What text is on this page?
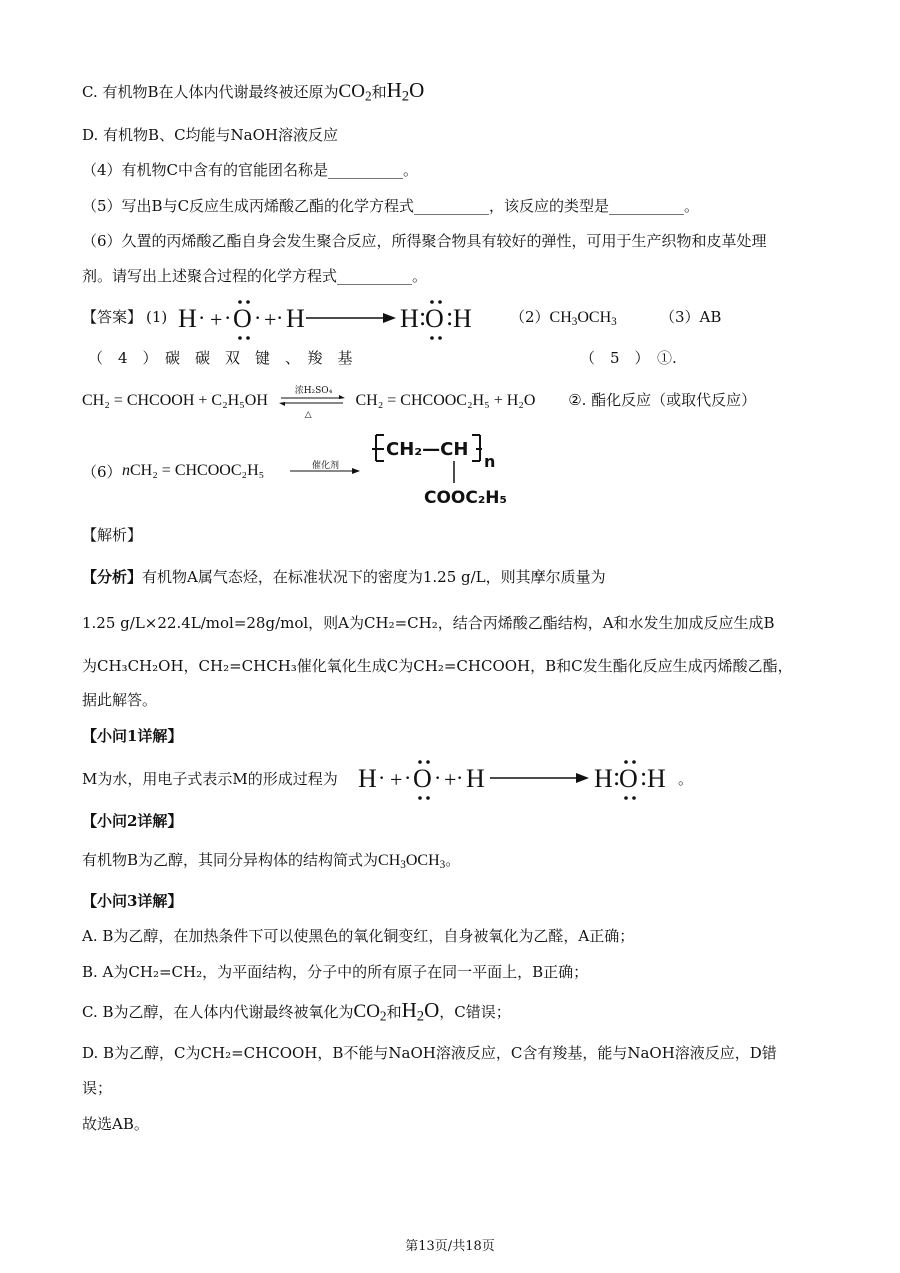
C. 有机物B在人体内代谢最终被还原为$CO_2$和$H_2O$
D. 有机物B、C均能与NaOH溶液反应
（4）有机物C中含有的官能团名称是__________。
（5）写出B与C反应生成丙烯酸乙酯的化学方程式__________，该反应的类型是__________。
（6）久置的丙烯酸乙酯自身会发生聚合反应，所得聚合物具有较好的弹性，可用于生产织物和皮革处理
剂。请写出上述聚合过程的化学方程式__________。
【答案】 (1) H · + · O · + · H	H :
O : H	$(2)CH_3OCH_3$	（3）AB
（　4　）　碳　碳　双　键　、　羧　基	（　5　）　①.
CH₂ = CHCOOH + C₂H₅OH
浓H₂SO₄
△
CH₂ = CHCOOC₂H₅ + H₂O ②. 酯化反应（或取代反应）
（6） nCH₂ = CHCOOC₂H₅	催化剂
CH₂—CH
n
COOC₂H₅
【解析】
【分析】有机物A属气态烃，在标准状况下的密度为1.25 g/L，则其摩尔质量为
1.25 g/L×22.4L/mol=28g/mol，则A为CH₂=CH₂，结合丙烯酸乙酯结构，A和水发生加成反应生成B
为CH₃CH₂OH，CH₂=CHCH₃催化氧化生成C为CH₂=CHCOOH，B和C发生酯化反应生成丙烯酸乙酯，
据此解答。
【小问1详解】
M为水，用电子式表示M的形成过程为 H · + · O · + · H	H :
O : H 。
【小问2详解】
有机物B为乙醇，其同分异构体的结构简式为$CH_3OCH_3$。
【小问3详解】
A. B为乙醇，在加热条件下可以使黑色的氧化铜变红，自身被氧化为乙醛，A正确；
B. A为CH₂=CH₂，为平面结构，分子中的所有原子在同一平面上，B正确；
C. B为乙醇，在人体内代谢最终被氧化为$CO_2$和$H_2O$，C错误；
D. B为乙醇，C为CH₂=CHCOOH，B不能与NaOH溶液反应，C含有羧基，能与NaOH溶液反应，D错
误；
故选AB。
第13页/共18页
